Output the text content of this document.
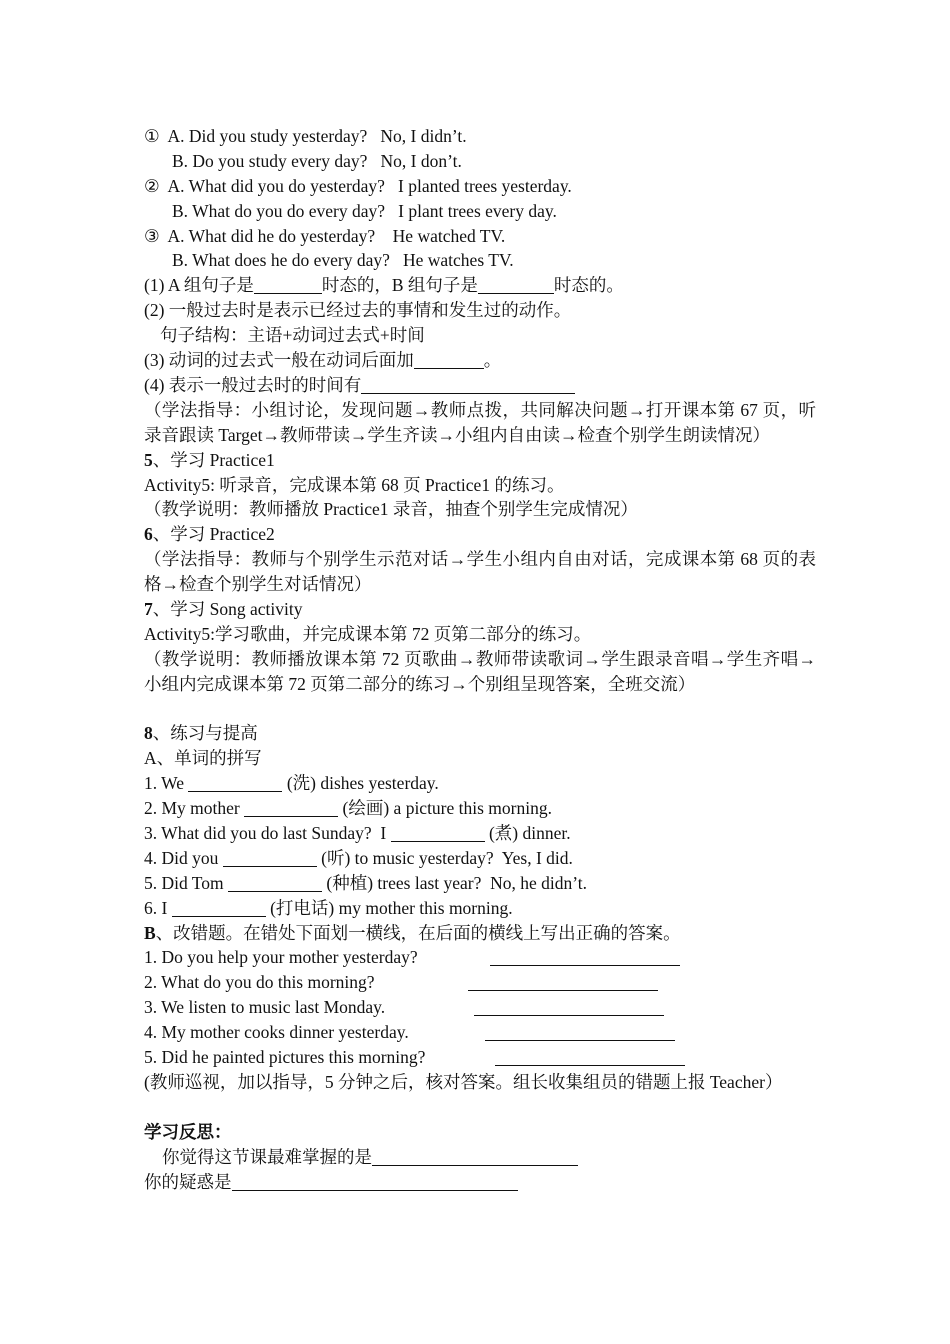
① A. Did you study yesterday?   No, I didn’t.
B. Do you study every day?   No, I don’t.
② A. What did you do yesterday?   I planted trees yesterday.
B. What do you do every day?   I plant trees every day.
③ A. What did he do yesterday?    He watched TV.
B. What does he do every day?   He watches TV.
(1) A 组句子是	时态的，B 组句子是	时态的。
(2) 一般过去时是表示已经过去的事情和发生过的动作。
句子结构：主语+动词过去式+时间
(3) 动词的过去式一般在动词后面加	。
(4) 表示一般过去时的时间有
（学法指导：小组讨论，发现问题→教师点拨，共同解决问题→打开课本第 67 页，听录音跟读 Target→教师带读→学生齐读→小组内自由读→检查个别学生朗读情况）
5、学习 Practice1
Activity5: 听录音，完成课本第 68 页 Practice1 的练习。
（教学说明：教师播放 Practice1 录音，抽查个别学生完成情况）
6、学习 Practice2
（学法指导：教师与个别学生示范对话→学生小组内自由对话，完成课本第 68 页的表格→检查个别学生对话情况）
7、学习 Song activity
Activity5:学习歌曲，并完成课本第 72 页第二部分的练习。
（教学说明：教师播放课本第 72 页歌曲→教师带读歌词→学生跟录音唱→学生齐唱→小组内完成课本第 72 页第二部分的练习→个别组呈现答案，全班交流）
8、练习与提高
A、单词的拼写
1. We	(洗) dishes yesterday.
2. My mother	(绘画) a picture this morning.
3. What did you do last Sunday?  I	(煮) dinner.
4. Did you	(听) to music yesterday?  Yes, I did.
5. Did Tom	(种植) trees last year?  No, he didn’t.
6. I	(打电话) my mother this morning.
B、改错题。在错处下面划一横线，在后面的横线上写出正确的答案。
1. Do you help your mother yesterday?
2. What do you do this morning?
3. We listen to music last Monday.
4. My mother cooks dinner yesterday.
5. Did he painted pictures this morning?
(教师巡视，加以指导，5 分钟之后，核对答案。组长收集组员的错题上报 Teacher）
学习反思：
你觉得这节课最难掌握的是
你的疑惑是
